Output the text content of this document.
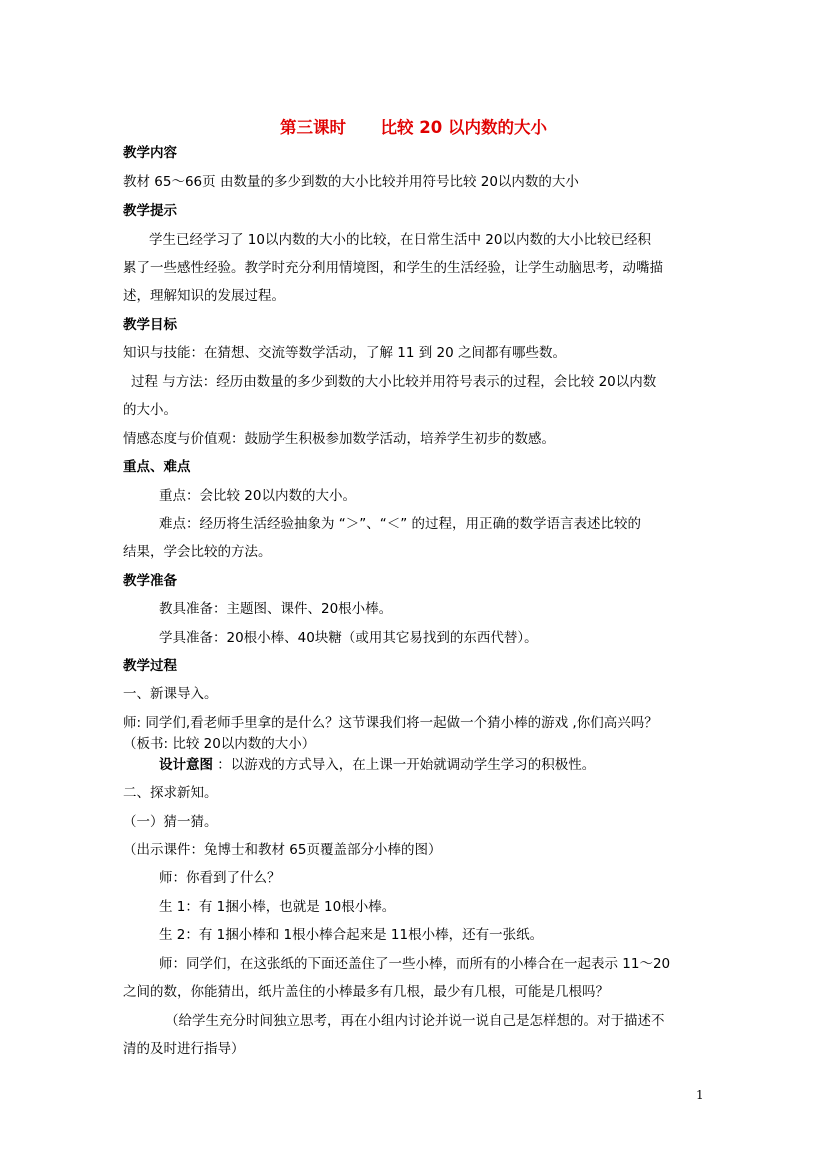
第三课时      比较 20 以内数的大小
教学内容
教材 65～66页 由数量的多少到数的大小比较并用符号比较 20以内数的大小
教学提示
学生已经学习了 10以内数的大小的比较，在日常生活中 20以内数的大小比较已经积
累了一些感性经验。教学时充分利用情境图，和学生的生活经验，让学生动脑思考，动嘴描
述，理解知识的发展过程。
教学目标
知识与技能：在猜想、交流等数学活动，了解 11 到 20 之间都有哪些数。
过程 与方法：经历由数量的多少到数的大小比较并用符号表示的过程，会比较 20以内数
的大小。
情感态度与价值观：鼓励学生积极参加数学活动，培养学生初步的数感。
重点、难点
重点：会比较 20以内数的大小。
难点：经历将生活经验抽象为 “＞”、“＜” 的过程，用正确的数学语言表述比较的
结果，学会比较的方法。
教学准备
教具准备：主题图、课件、20根小棒。
学具准备：20根小棒、40块糖（或用其它易找到的东西代替）。
教学过程
一、新课导入。
师: 同学们,看老师手里拿的是什么？这节课我们将一起做一个猜小棒的游戏 ,你们高兴吗？
（板书: 比较 20以内数的大小）
设计意图 ：以游戏的方式导入，在上课一开始就调动学生学习的积极性。
二、探求新知。
（一）猜一猜。
（出示课件：兔博士和教材 65页覆盖部分小棒的图）
师：你看到了什么？
生 1：有 1捆小棒，也就是 10根小棒。
生 2：有 1捆小棒和 1根小棒合起来是 11根小棒，还有一张纸。
师：同学们，在这张纸的下面还盖住了一些小棒，而所有的小棒合在一起表示 11～20
之间的数，你能猜出，纸片盖住的小棒最多有几根，最少有几根，可能是几根吗？
（给学生充分时间独立思考，再在小组内讨论并说一说自己是怎样想的。对于描述不
清的及时进行指导）
1
